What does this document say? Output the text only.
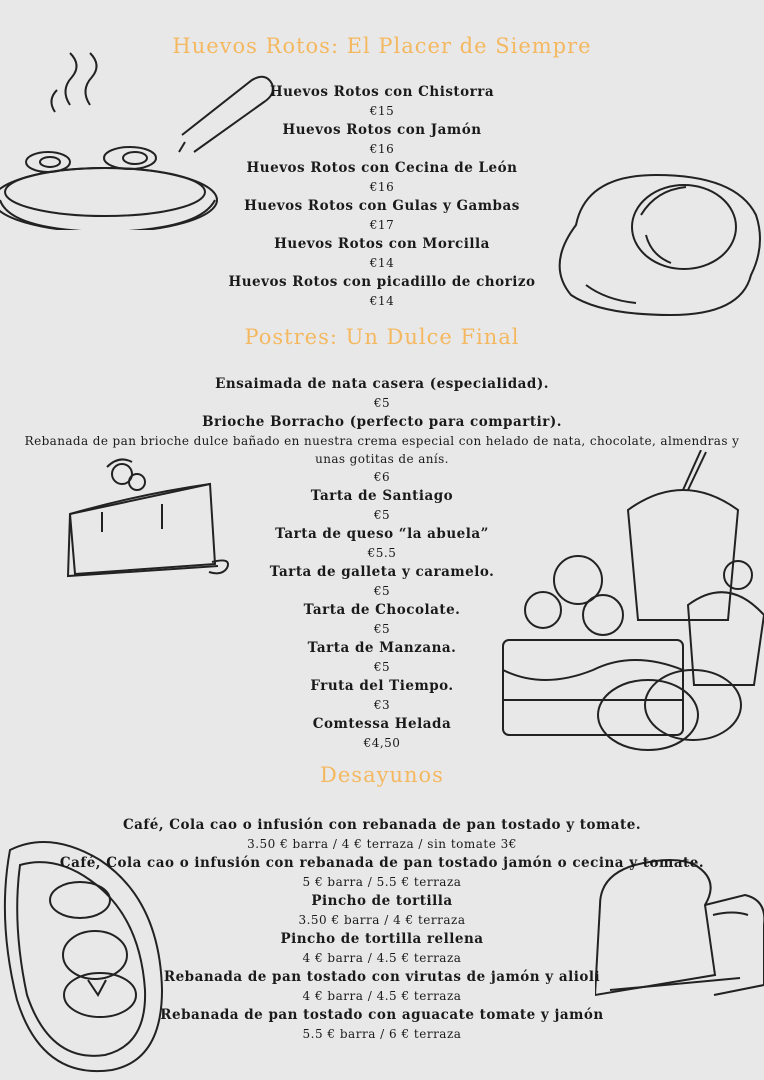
Huevos Rotos: El Placer de Siempre
Huevos Rotos con Chistorra
€15
Huevos Rotos con Jamón
€16
Huevos Rotos con Cecina de León
€16
Huevos Rotos con Gulas y Gambas
€17
Huevos Rotos con Morcilla
€14
Huevos Rotos con picadillo de chorizo
€14
Postres: Un Dulce Final
Ensaimada de nata casera (especialidad).
€5
Brioche Borracho (perfecto para compartir).
Rebanada de pan brioche dulce bañado en nuestra crema especial con helado de nata, chocolate, almendras y unas gotitas de anís.
€6
Tarta de Santiago
€5
Tarta de queso “la abuela”
€5.5
Tarta de galleta y caramelo.
€5
Tarta de Chocolate.
€5
Tarta de Manzana.
€5
Fruta del Tiempo.
€3
Comtessa Helada
€4,50
Desayunos
Café, Cola cao o infusión con rebanada de pan tostado y tomate.
3.50 € barra / 4 € terraza / sin tomate 3€
Café, Cola cao o infusión con rebanada de pan tostado jamón o cecina y tomate.
5 € barra / 5.5 € terraza
Pincho de tortilla
3.50 € barra / 4 € terraza
Pincho de tortilla rellena
4 € barra / 4.5 € terraza
Rebanada de pan tostado con virutas de jamón y alioli
4 € barra / 4.5 € terraza
Rebanada de pan tostado con aguacate tomate y jamón
5.5 € barra / 6 € terraza
